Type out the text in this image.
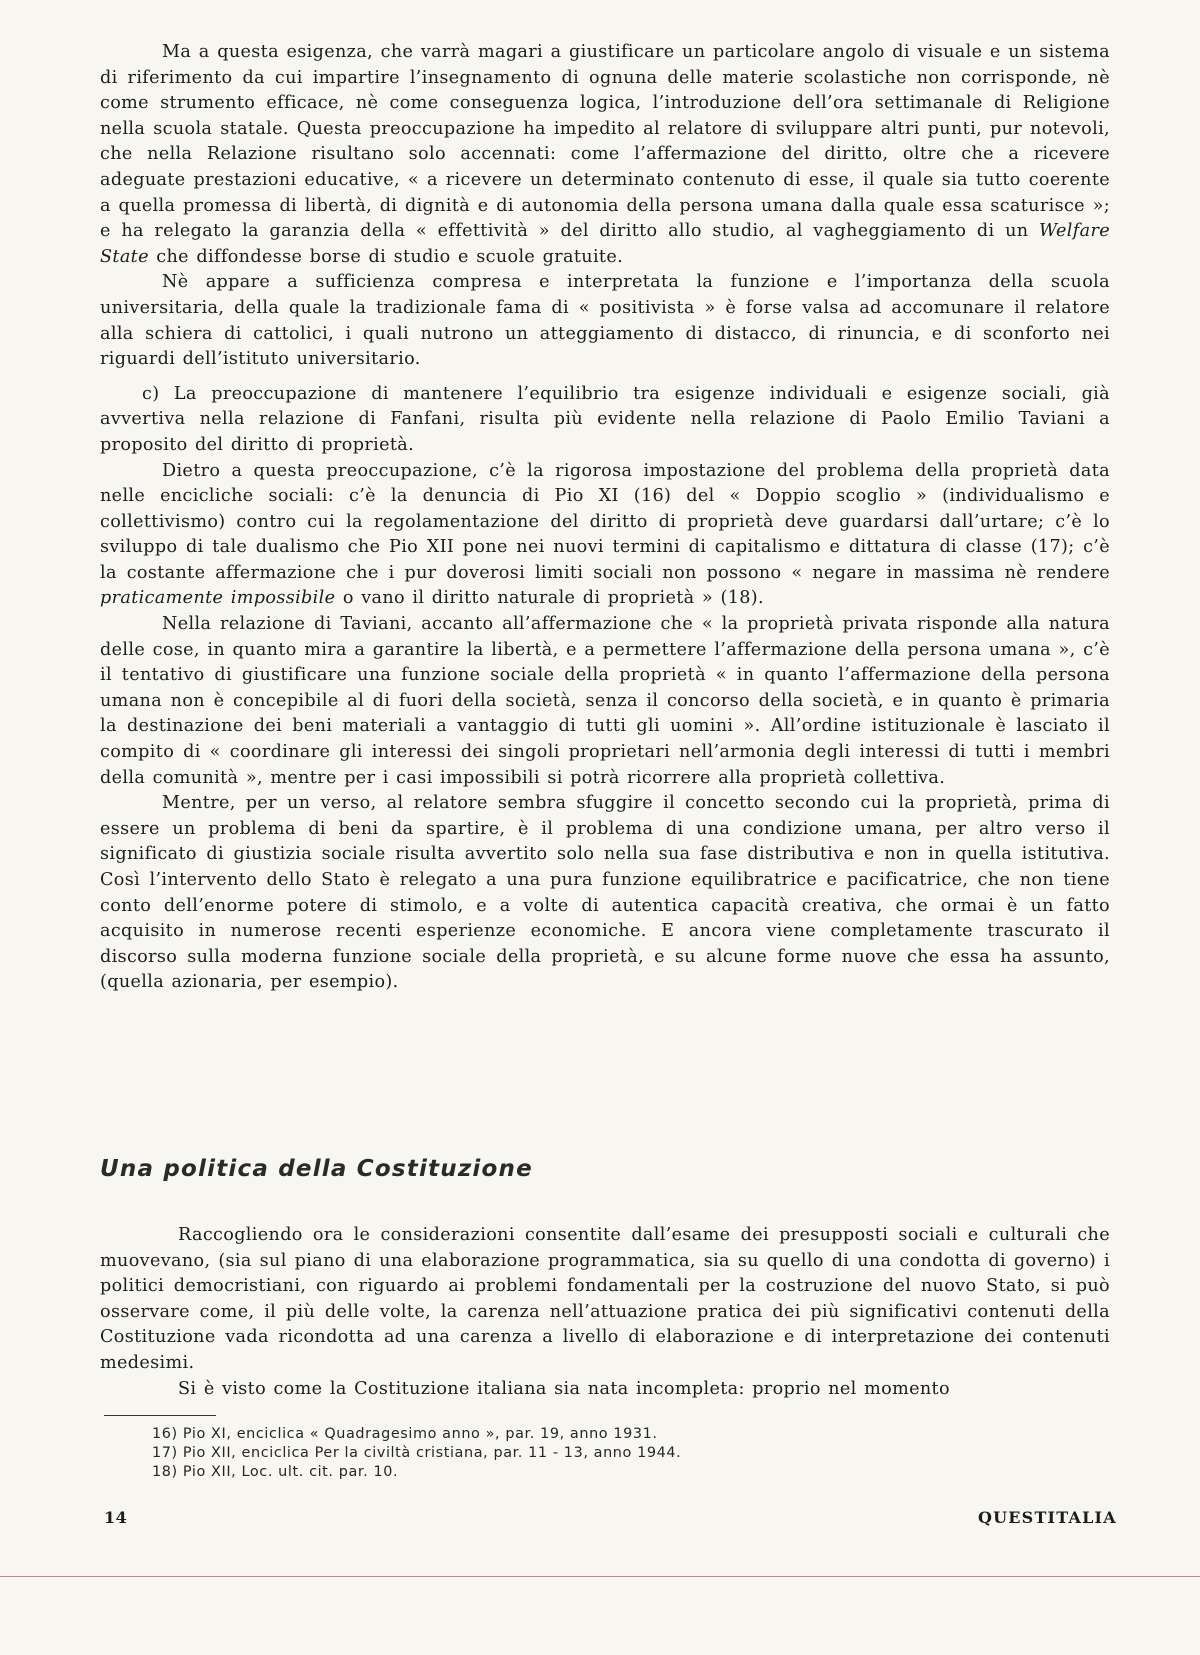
Ma a questa esigenza, che varrà magari a giustificare un particolare angolo di visuale e un sistema di riferimento da cui impartire l’insegnamento di ognuna delle materie scolastiche non corrisponde, nè come strumento efficace, nè come conseguenza logica, l’introduzione dell’ora settimanale di Religione nella scuola statale. Questa preoccupazione ha impedito al relatore di sviluppare altri punti, pur notevoli, che nella Relazione risultano solo accennati: come l’affermazione del diritto, oltre che a ricevere adeguate prestazioni educative, « a ricevere un determinato contenuto di esse, il quale sia tutto coerente a quella promessa di libertà, di dignità e di autonomia della persona umana dalla quale essa scaturisce »; e ha relegato la garanzia della « effettività » del diritto allo studio, al vagheggiamento di un Welfare State che diffondesse borse di studio e scuole gratuite.

Nè appare a sufficienza compresa e interpretata la funzione e l’importanza della scuola universitaria, della quale la tradizionale fama di « positivista » è forse valsa ad accomunare il relatore alla schiera di cattolici, i quali nutrono un atteggiamento di distacco, di rinuncia, e di sconforto nei riguardi dell’istituto universitario.

c) La preoccupazione di mantenere l’equilibrio tra esigenze individuali e esigenze sociali, già avvertiva nella relazione di Fanfani, risulta più evidente nella relazione di Paolo Emilio Taviani a proposito del diritto di proprietà.

Dietro a questa preoccupazione, c’è la rigorosa impostazione del problema della proprietà data nelle encicliche sociali: c’è la denuncia di Pio XI (16) del « Doppio scoglio » (individualismo e collettivismo) contro cui la regolamentazione del diritto di proprietà deve guardarsi dall’urtare; c’è lo sviluppo di tale dualismo che Pio XII pone nei nuovi termini di capitalismo e dittatura di classe (17); c’è la costante affermazione che i pur doverosi limiti sociali non possono « negare in massima nè rendere praticamente impossibile o vano il diritto naturale di proprietà » (18).

Nella relazione di Taviani, accanto all’affermazione che « la proprietà privata risponde alla natura delle cose, in quanto mira a garantire la libertà, e a permettere l’affermazione della persona umana », c’è il tentativo di giustificare una funzione sociale della proprietà « in quanto l’affermazione della persona umana non è concepibile al di fuori della società, senza il concorso della società, e in quanto è primaria la destinazione dei beni materiali a vantaggio di tutti gli uomini ». All’ordine istituzionale è lasciato il compito di « coordinare gli interessi dei singoli proprietari nell’armonia degli interessi di tutti i membri della comunità », mentre per i casi impossibili si potrà ricorrere alla proprietà collettiva.

Mentre, per un verso, al relatore sembra sfuggire il concetto secondo cui la proprietà, prima di essere un problema di beni da spartire, è il problema di una condizione umana, per altro verso il significato di giustizia sociale risulta avvertito solo nella sua fase distributiva e non in quella istitutiva. Così l’intervento dello Stato è relegato a una pura funzione equilibratrice e pacificatrice, che non tiene conto dell’enorme potere di stimolo, e a volte di autentica capacità creativa, che ormai è un fatto acquisito in numerose recenti esperienze economiche. E ancora viene completamente trascurato il discorso sulla moderna funzione sociale della proprietà, e su alcune forme nuove che essa ha assunto, (quella azionaria, per esempio).

Una politica della Costituzione

Raccogliendo ora le considerazioni consentite dall’esame dei presupposti sociali e culturali che muovevano, (sia sul piano di una elaborazione programmatica, sia su quello di una condotta di governo) i politici democristiani, con riguardo ai problemi fondamentali per la costruzione del nuovo Stato, si può osservare come, il più delle volte, la carenza nell’attuazione pratica dei più significativi contenuti della Costituzione vada ricondotta ad una carenza a livello di elaborazione e di interpretazione dei contenuti medesimi.

Si è visto come la Costituzione italiana sia nata incompleta: proprio nel momento

16) Pio XI, enciclica « Quadragesimo anno », par. 19, anno 1931.
17) Pio XII, enciclica Per la civiltà cristiana, par. 11 - 13, anno 1944.
18) Pio XII, Loc. ult. cit. par. 10.
14	QUESTITALIA
